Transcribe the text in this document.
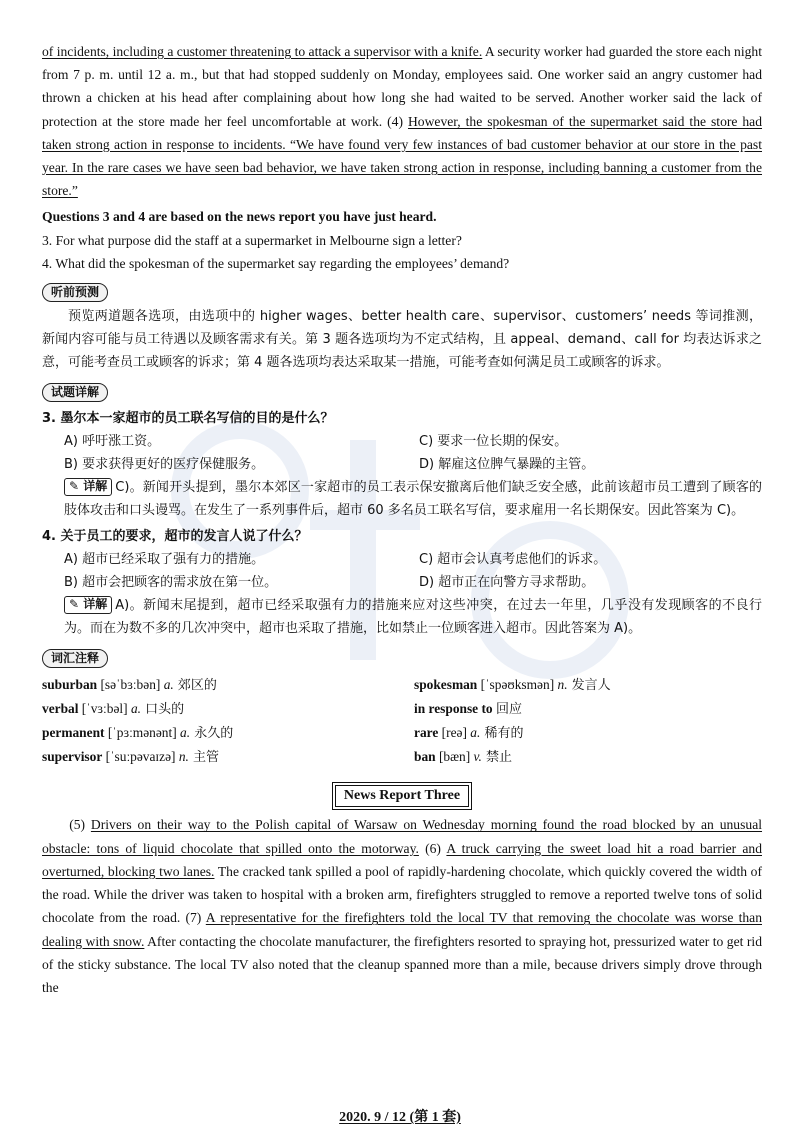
of incidents, including a customer threatening to attack a supervisor with a knife. A security worker had guarded the store each night from 7 p. m. until 12 a. m., but that had stopped suddenly on Monday, employees said. One worker said an angry customer had thrown a chicken at his head after complaining about how long she had waited to be served. Another worker said the lack of protection at the store made her feel uncomfortable at work. (4) However, the spokesman of the supermarket said the store had taken strong action in response to incidents. “We have found very few instances of bad customer behavior at our store in the past year. In the rare cases we have seen bad behavior, we have taken strong action in response, including banning a customer from the store.”

Questions 3 and 4 are based on the news report you have just heard.

3. For what purpose did the staff at a supermarket in Melbourne sign a letter?

4. What did the spokesman of the supermarket say regarding the employees’ demand?

听前预测

预览两道题各选项，由选项中的 higher wages、better health care、supervisor、customers’ needs 等词推测，新闻内容可能与员工待遇以及顾客需求有关。第 3 题各选项均为不定式结构，且 appeal、demand、call for 均表达诉求之意，可能考查员工或顾客的诉求；第 4 题各选项均表达采取某一措施，可能考查如何满足员工或顾客的诉求。

试题详解

3. 墨尔本一家超市的员工联名写信的目的是什么？

A) 呼吁涨工资。	C) 要求一位长期的保安。
B) 要求获得更好的医疗保健服务。	D) 解雇这位脾气暴躁的主管。

✎ 详解 C)。新闻开头提到，墨尔本郊区一家超市的员工表示保安撤离后他们缺乏安全感，此前该超市员工遭到了顾客的肢体攻击和口头谩骂。在发生了一系列事件后，超市 60 多名员工联名写信，要求雇用一名长期保安。因此答案为 C)。

4. 关于员工的要求，超市的发言人说了什么？

A) 超市已经采取了强有力的措施。	C) 超市会认真考虑他们的诉求。
B) 超市会把顾客的需求放在第一位。	D) 超市正在向警方寻求帮助。

✎ 详解 A)。新闻末尾提到，超市已经采取强有力的措施来应对这些冲突，在过去一年里，几乎没有发现顾客的不良行为。而在为数不多的几次冲突中，超市也采取了措施，比如禁止一位顾客进入超市。因此答案为 A)。

词汇注释
suburban [səˈbɜːbən] a. 郊区的	spokesman [ˈspəʊksmən] n. 发言人
verbal [ˈvɜːbəl] a. 口头的	in response to 回应
permanent [ˈpɜːmənənt] a. 永久的	rare [reə] a. 稀有的
supervisor [ˈsuːpəvaɪzə] n. 主管	ban [bæn] v. 禁止
News Report Three

(5) Drivers on their way to the Polish capital of Warsaw on Wednesday morning found the road blocked by an unusual obstacle: tons of liquid chocolate that spilled onto the motorway. (6) A truck carrying the sweet load hit a road barrier and overturned, blocking two lanes. The cracked tank spilled a pool of rapidly-hardening chocolate, which quickly covered the width of the road. While the driver was taken to hospital with a broken arm, firefighters struggled to remove a reported twelve tons of solid chocolate from the road. (7) A representative for the firefighters told the local TV that removing the chocolate was worse than dealing with snow. After contacting the chocolate manufacturer, the firefighters resorted to spraying hot, pressurized water to get rid of the sticky substance. The local TV also noted that the cleanup spanned more than a mile, because drivers simply drove through the

2020. 9 / 12 (第 1 套)
